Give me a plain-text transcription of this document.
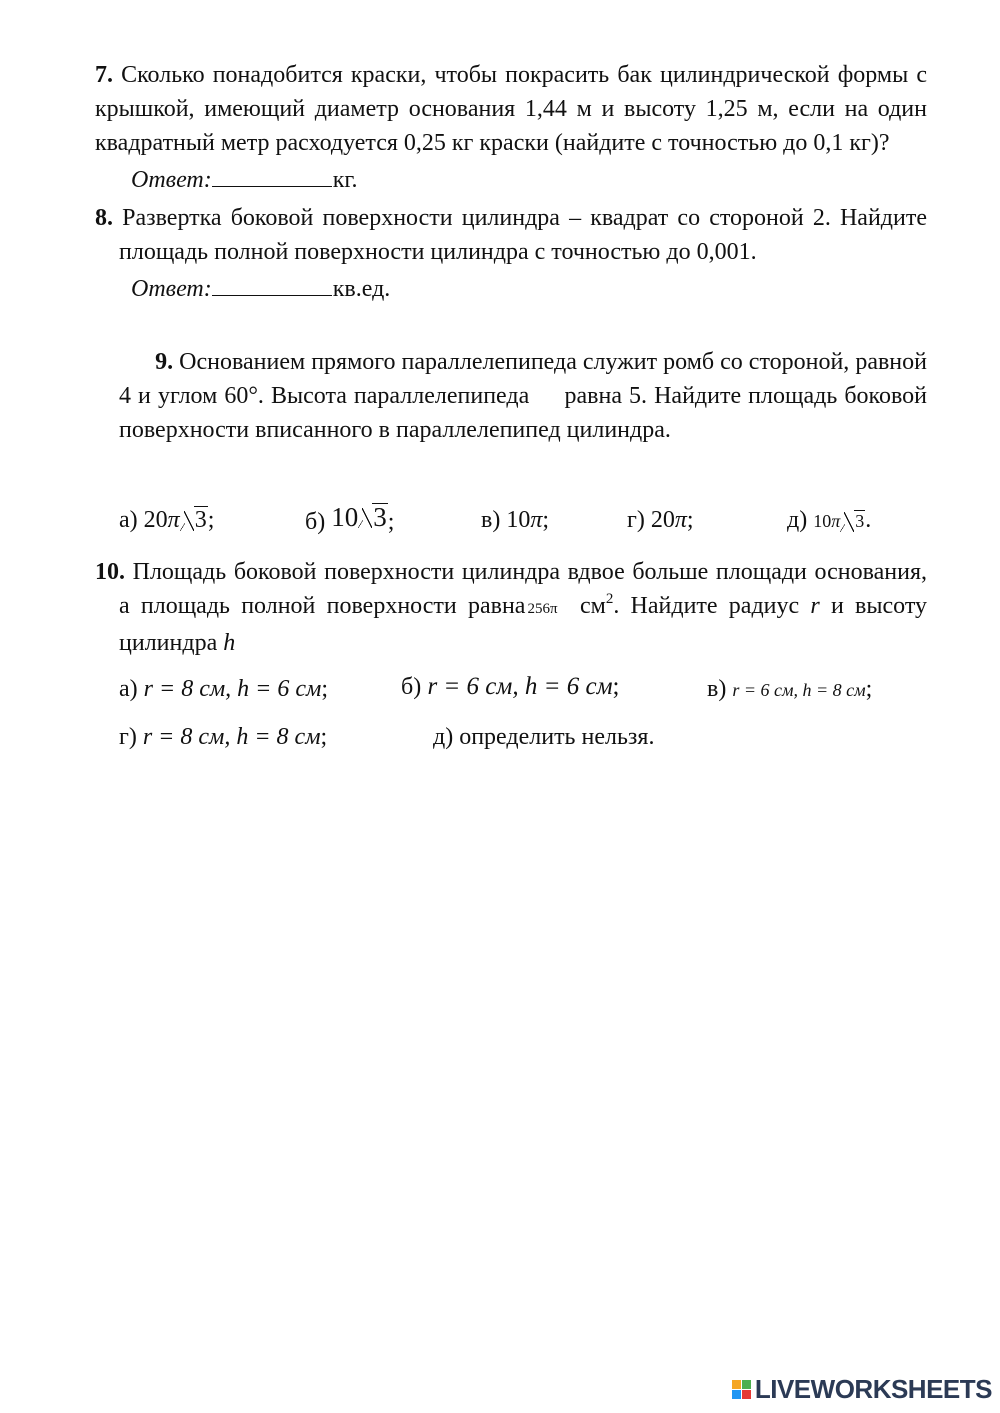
7. Сколько понадобится краски, чтобы покрасить бак цилиндрической формы с крышкой, имеющий диаметр основания 1,44 м и высоту 1,25 м, если на один квадратный метр расходуется 0,25 кг краски (найдите с точностью до 0,1 кг)?

Ответ:	кг.

8. Развертка боковой поверхности цилиндра – квадрат со стороной 2. Найдите площадь полной поверхности цилиндра с точностью до 0,001.

Ответ:	кв.ед.

9. Основанием прямого параллелепипеда служит ромб со стороной, равной 4 и углом 60°. Высота параллелепипеда     равна 5. Найдите площадь боковой поверхности вписанного в параллелепипед цилиндра.

а) 20π 3;	б) 10 3;	в) 10π;	г) 20π;	д) 10π 3.

10. Площадь боковой поверхности цилиндра вдвое больше площади основания, а площадь полной поверхности равна 256π $см^2$. Найдите радиус r и высоту цилиндра h

а) r = 8 см, h = 6 см;	б) r = 6 см, h = 6 см;	в) r = 6 см, h = 8 см;
г) r = 8 см, h = 8 см;	д) определить нельзя.
LIVEWORKSHEETS
